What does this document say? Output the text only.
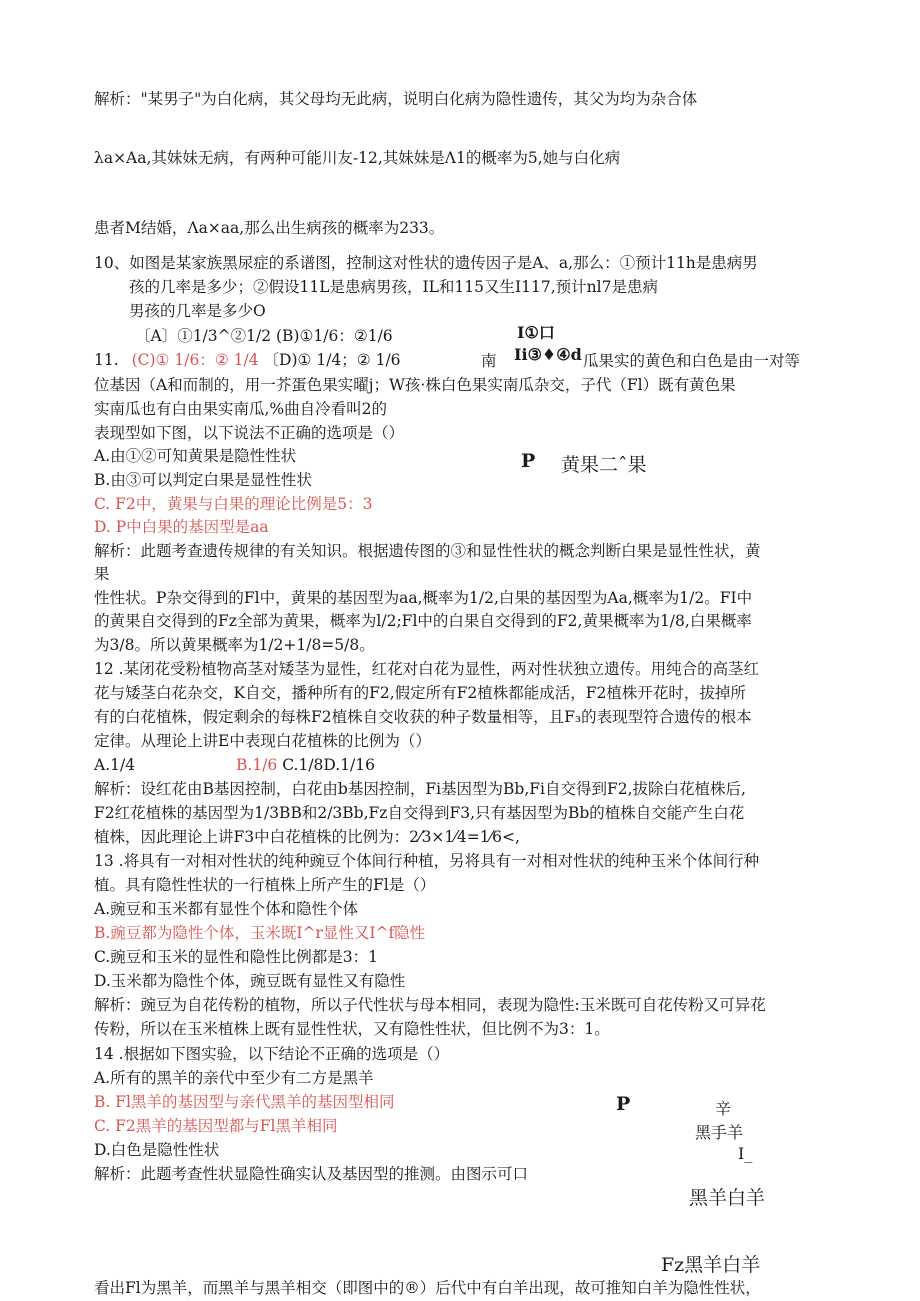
解析："某男子"为白化病，其父母均无此病，说明白化病为隐性遗传，其父为均为杂合体
λa×Aa,其妹妹无病，有两种可能川友-12,其妹妹是Λ1的概率为5,她与白化病
患者M结婚，Λa×aa,那么出生病孩的概率为233。
10、如图是某家族黑尿症的系谱图，控制这对性状的遗传因子是A、a,那么：①预计11h是患病男
孩的几率是多少；②假设11L是患病男孩，IL和115又生I117,预计nl7是患病
男孩的几率是多少O
〔A〕①1/3^②1/2 (B)①1/6：②1/6
11. (C)① 1/6：② 1/4 〔D)① 1/4；② 1/6
I①口
Ii③♦④d
南	瓜果实的黄色和白色是由一对等
位基因（A和而制的，用一芥蛋色果实曜j；W孩·株白色果实南瓜杂交，子代（Fl）既有黄色果
实南瓜也有白由果实南瓜,%曲自冷看叫2的
表现型如下图，以下说法不正确的选项是（）
A.由①②可知黄果是隐性性状
B.由③可以判定白果是显性性状
C. F2中，黄果与白果的理论比例是5：3
D. P中白果的基因型是aa
P 黄果二ˆ果
解析：此题考查遗传规律的有关知识。根据遗传图的③和显性性状的概念判断白果是显性性状，黄
果
性性状。P杂交得到的Fl中，黄果的基因型为aa,概率为1/2,白果的基因型为Aa,概率为1/2。FI中
的黄果自交得到的Fz全部为黄果，概率为l/2;Fl中的白果自交得到的F2,黄果概率为1/8,白果概率
为3/8。所以黄果概率为1/2+1/8=5/8。
12 .某闭花受粉植物高茎对矮茎为显性，红花对白花为显性，两对性状独立遗传。用纯合的高茎红
花与矮茎白花杂交，K自交，播种所有的F2,假定所有F2植株都能成活，F2植株开花时，拔掉所
有的白花植株，假定剩余的每株F2植株自交收获的种子数量相等，且F₃的表现型符合遗传的根本
定律。从理论上讲E中表现白花植株的比例为（）
A.1/4	B.1/6 C.1/8D.1/16
解析：设红花由B基因控制，白花由b基因控制，Fi基因型为Bb,Fi自交得到F2,拔除白花植株后,
F2红花植株的基因型为1/3BB和2/3Bb,Fz自交得到F3,只有基因型为Bb的植株自交能产生白花
植株，因此理论上讲F3中白花植株的比例为：2⁄3×1⁄4=1⁄6<,
13 .将具有一对相对性状的纯种豌豆个体间行种植，另将具有一对相对性状的纯种玉米个体间行种
植。具有隐性性状的一行植株上所产生的Fl是（）
A.豌豆和玉米都有显性个体和隐性个体
B.豌豆都为隐性个体，玉米既I^r显性又I^f隐性
C.豌豆和玉米的显性和隐性比例都是3：1
D.玉米都为隐性个体，豌豆既有显性又有隐性
解析：豌豆为自花传粉的植物，所以子代性状与母本相同，表现为隐性:玉米既可自花传粉又可异花
传粉，所以在玉米植株上既有显性性状，又有隐性性状，但比例不为3：1。
14 .根据如下图实验，以下结论不正确的选项是（）
A.所有的黑羊的亲代中至少有二方是黑羊
B. Fl黑羊的基因型与亲代黑羊的基因型相同
C. F2黑羊的基因型都与Fl黑羊相同
D.白色是隐性性状
解析：此题考查性状显隐性确实认及基因型的推测。由图示可口
P	辛
黑手羊
I_
黑羊白羊
Fz黑羊白羊
看出Fl为黑羊，而黑羊与黑羊相交（即图中的®）后代中有白羊出现，故可推知白羊为隐性性状，
